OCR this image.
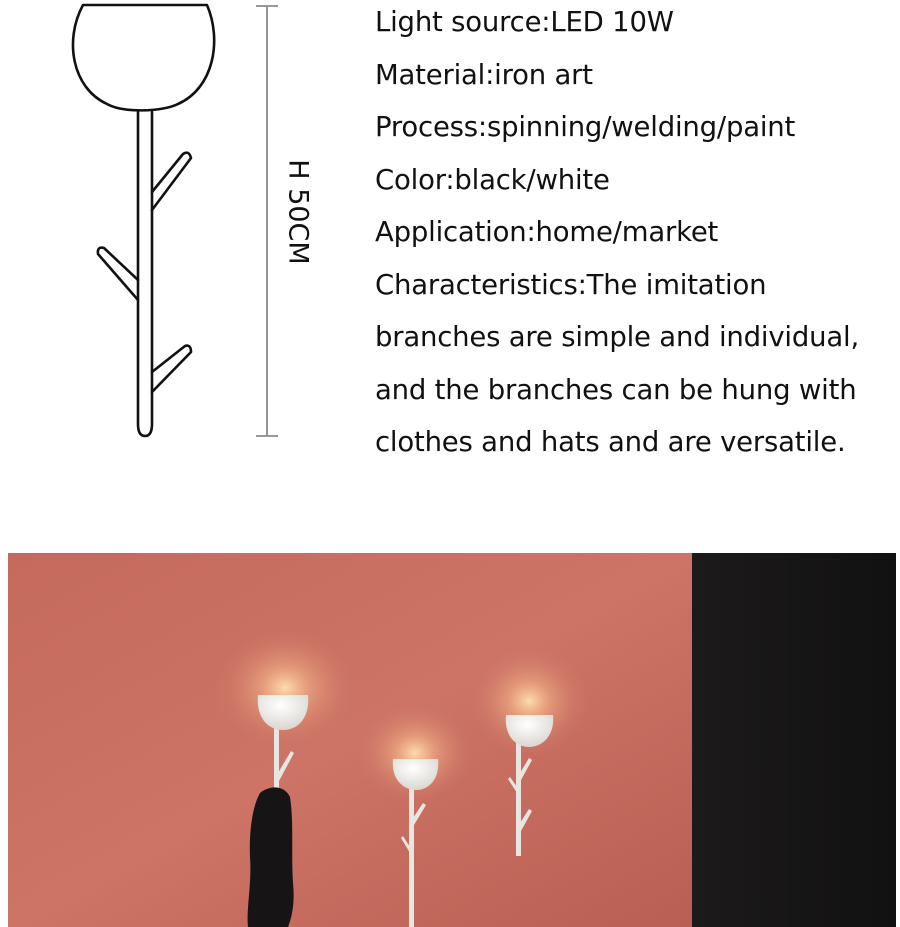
H 50CM
Light source:LED 10W
Material:iron art
Process:spinning/welding/paint
Color:black/white
Application:home/market
Characteristics:The imitation
branches are simple and individual,
and the branches can be hung with
clothes and hats and are versatile.
